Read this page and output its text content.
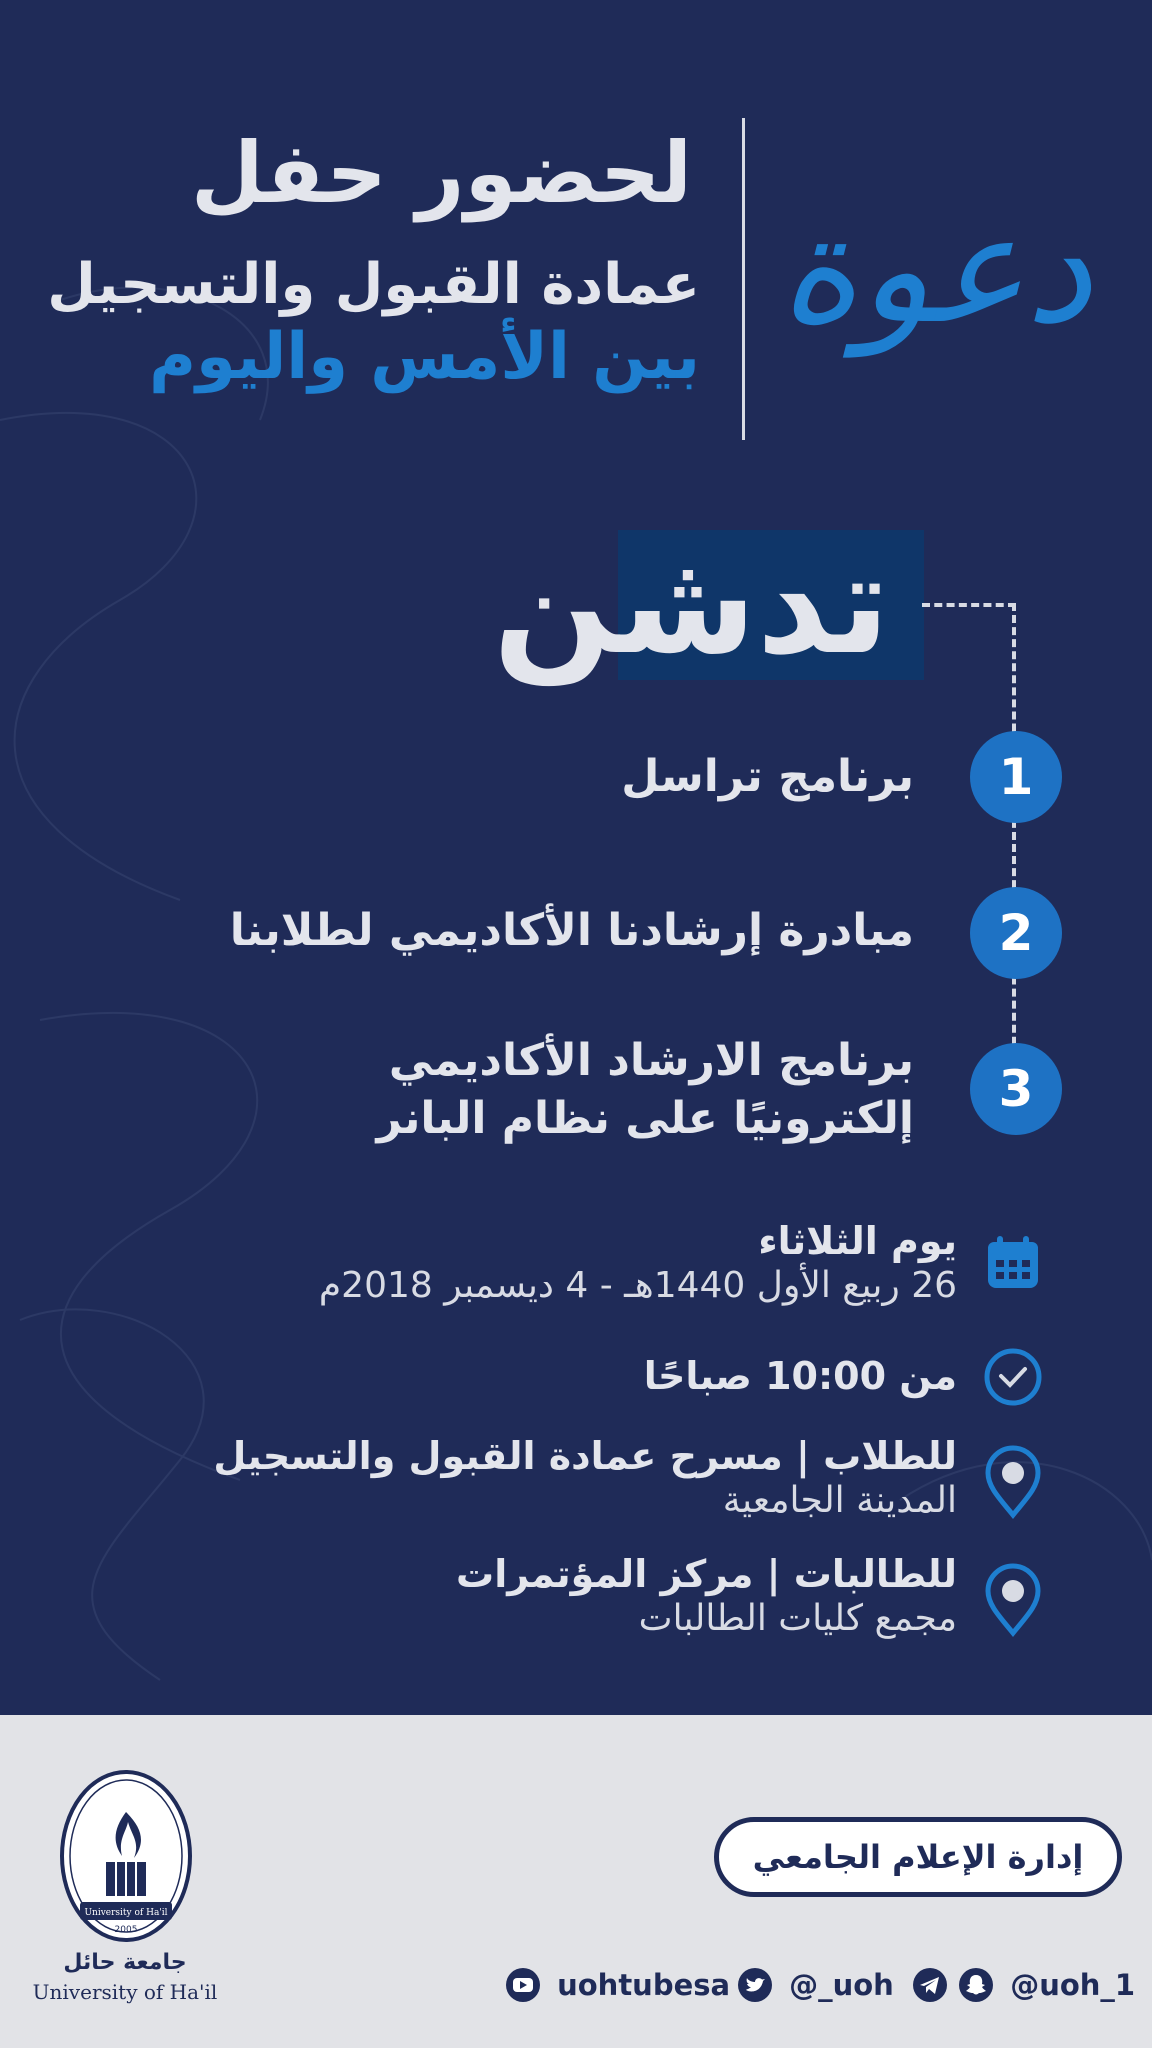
دعوة
لحضور حفل
عمادة القبول والتسجيل
بين الأمس واليوم
تدشن
1
برنامج تراسل
2
مبادرة إرشادنا الأكاديمي لطلابنا
3
برنامج الارشاد الأكاديمي إلكترونيًا على نظام البانر
يوم الثلاثاء
26 ربيع الأول 1440هـ - 4 ديسمبر 2018م
من 10:00 صباحًا
للطلاب | مسرح عمادة القبول والتسجيل
المدينة الجامعية
للطالبات | مركز المؤتمرات
مجمع كليات الطالبات
إدارة الإعلام الجامعي
uohtubesa	@_uoh	@uoh_1
University of Ha'il
2005
جامعة حائل
University of Ha'il
